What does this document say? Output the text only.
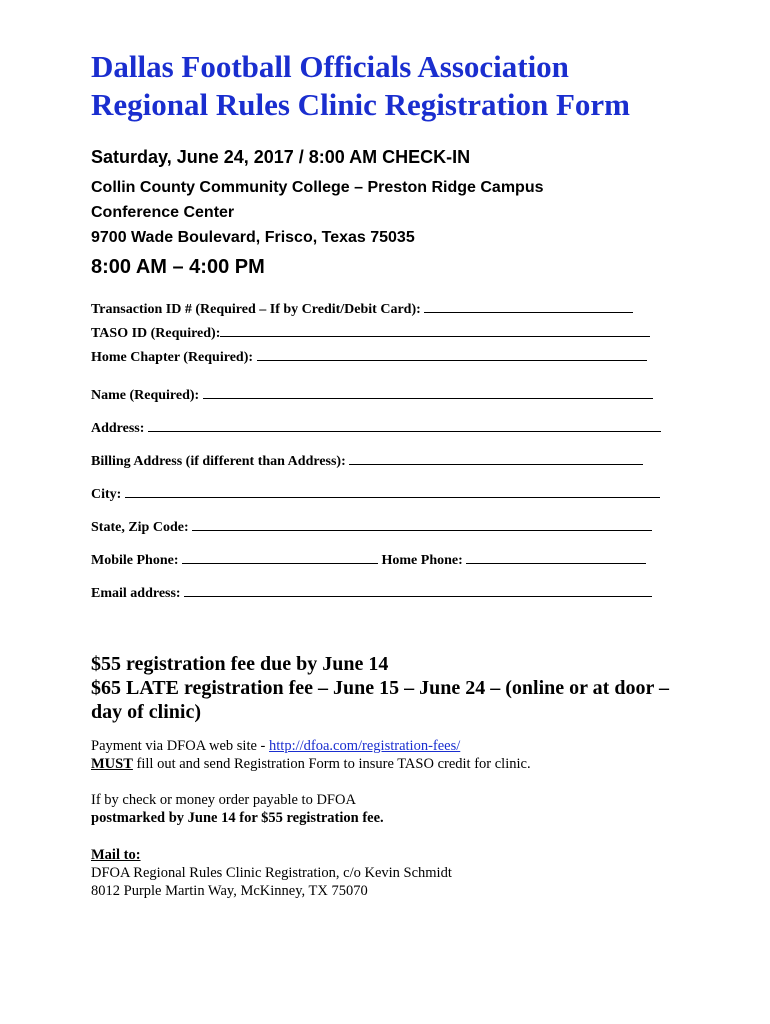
Dallas Football Officials Association
Regional Rules Clinic Registration Form
Saturday, June 24, 2017 / 8:00 AM CHECK-IN
Collin County Community College – Preston Ridge Campus
Conference Center
9700 Wade Boulevard, Frisco, Texas 75035
8:00 AM – 4:00 PM
Transaction ID # (Required – If by Credit/Debit Card):
TASO ID (Required):
Home Chapter (Required):
Name (Required):
Address:
Billing Address (if different than Address):
City:
State, Zip Code:
Mobile Phone:	Home Phone:
Email address:
$55 registration fee due by June 14
$65 LATE registration fee – June 15 – June 24 – (online or at door –
day of clinic)
Payment via DFOA web site - http://dfoa.com/registration-fees/
MUST fill out and send Registration Form to insure TASO credit for clinic.
If by check or money order payable to DFOA
postmarked by June 14 for $55 registration fee.
Mail to:
DFOA Regional Rules Clinic Registration, c/o Kevin Schmidt
8012 Purple Martin Way, McKinney, TX 75070
